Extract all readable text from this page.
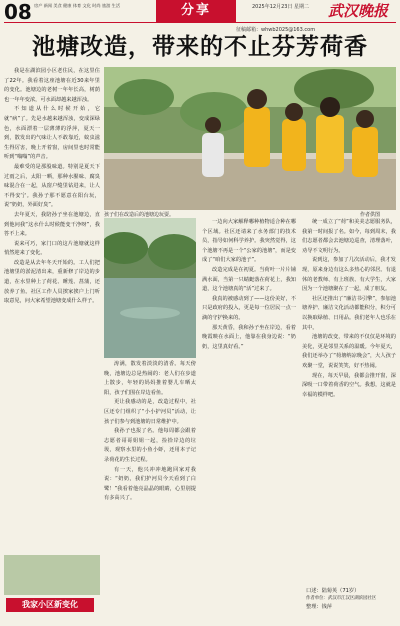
08 房产 新闻 美食 健康 体育 文化 时尚 旅游 生活	分享	2025年12月23日 星期二 武汉晚报
征稿邮箱：whwb2025@163.com
池塘改造，带来的不止芬芳荷香

我是在湖滨园小区老住民，在这里住了22年。我看着这座池塘在近30来年里的变化。池塘边的老树一年年长高，树荫也一年年变浓，可水面却越来越浑浊。

不知道从什么时候开始，它就“病”了。先是水越来越浑浊，变成深绿色，水面漂着一层薄薄的浮萍，夏天一到，散发出的气味让人不敢靠近，蚊虫滋生得厉害，晚上开着窗，房间里也时常能听到“嗡嗡”的声音。

最难受的是那股味道。特别是夏天下过雨之后，太阳一晒，那种水腥味、腐臭味混合在一起，从窗户缝里钻进来，让人不得安宁。我孙子那不愿意在阳台玩，说“奶奶，外面好臭”。

去年夏天，我陪孙子坐在池塘边，直到他问我“这水什么时候能变干净呀”，我答不上来。

说来可巧，家门口的这片池塘就这样悄然迎来了变化。

改造是从去年冬天开始的。工人们把池塘里的淤泥清出来，重新修了岸边的步道，在水里种上了荷花、睡莲、菖蒲，还放养了鱼。社区工作人员挨家挨户上门听取意见，问大家希望池塘变成什么样子。

孩子们在改造后的池塘边玩耍。	作者供图

涛满，散发着淡淡的清香。每天傍晚，池塘边总是热闹的：老人们在步道上散步，年轻的妈妈推着婴儿车晒太阳，孩子们围在岸边看鱼。

更让我感动的是，改造过程中，社区还专门组织了“小小护河员”活动，让孩子们参与到池塘的日常维护中。

我孙子也报了名。他每周都会跟着志愿者哥哥姐姐一起，捡拾岸边的垃圾，观察水里的小鱼小虾，还用本子记录荷花的生长过程。

有一天，他兴冲冲地跑回家对我说：“奶奶，我们护河员今天看到了白鹭！”我看着他亮晶晶的眼睛，心里别提有多高兴了。

一边向大家解释哪种植物适合种在哪个区域。社区还请来了水务部门的技术员，指导如何科学养护。我突然觉得，这个池塘不再是一个“公家的池塘”，而是变成了“咱们大家的池子”。

改造完成是在初夏。当荷叶一片片铺满水面，当第一只蜻蜓落在荷花上，我知道，这个池塘真的“活”过来了。

我真的被感动到了——这份美好，不只是政府的投入，更是每一位居民一点一滴的守护换来的。

那天黄昏，我和孙子坐在岸边，看着晚霞映在水面上，他靠在我身边说：“奶奶，这里真好看。”

统一成立了“荷”和美美志愿服务队，我第一时间报了名。如今，每到周末，我们志愿者都会去池塘边巡查，清理落叶，劝导不文明行为。

说到这，参加了几次活动后，我才发现，原来身边有这么多热心的邻居。有退休的老教师、有上班族、有大学生，大家因为一个池塘聚在了一起，成了朋友。

社区还推出了“廉洁书引擎”，参加池塘养护、廉洁文化活动都能积分，积分可以换取绿植、日用品。我们老年人也乐在其中。

池塘的改变，带来的不仅仅是环境的美化，更是邻里关系的温暖。今年夏天，我们还举办了“荷塘纳凉晚会”，大人孩子欢聚一堂，说说笑笑，好不热闹。

现在，每天早晨，我都会推开窗，深深吸一口带着荷香的空气。我想，这就是幸福的模样吧。

口述：陆菊英（71岁）
作者单位：武汉市江汉区湖滨园社区
整理：钱萍
我家小区新变化
